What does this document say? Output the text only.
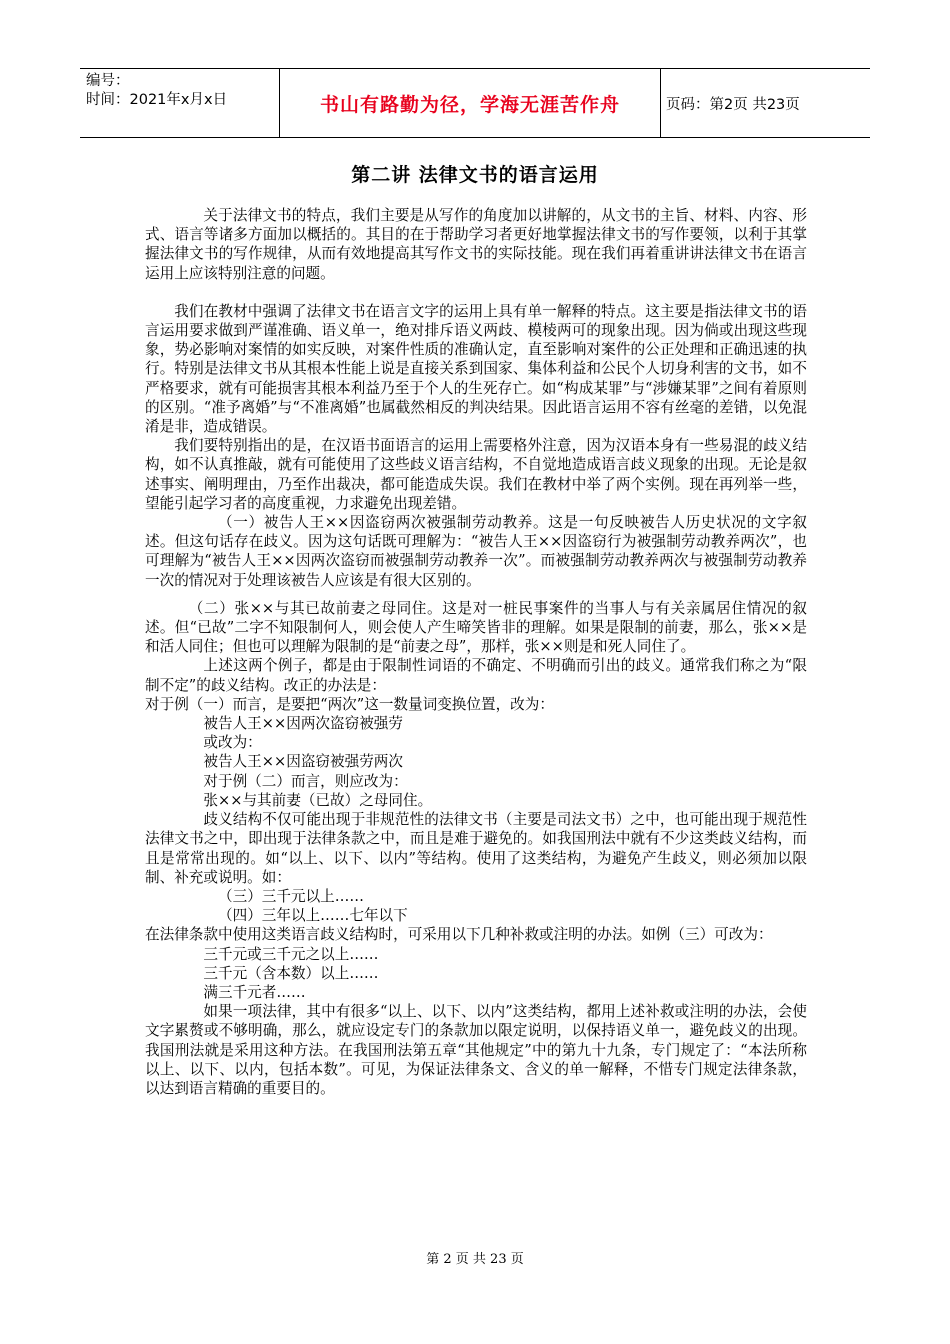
编号：
时间：2021年x月x日	书山有路勤为径，学海无涯苦作舟	页码：第2页 共23页
第二讲 法律文书的语言运用

关于法律文书的特点，我们主要是从写作的角度加以讲解的，从文书的主旨、材料、内容、形式、语言等诸多方面加以概括的。其目的在于帮助学习者更好地掌握法律文书的写作要领，以利于其掌握法律文书的写作规律，从而有效地提高其写作文书的实际技能。现在我们再着重讲讲法律文书在语言运用上应该特别注意的问题。

我们在教材中强调了法律文书在语言文字的运用上具有单一解释的特点。这主要是指法律文书的语言运用要求做到严谨准确、语义单一，绝对排斥语义两歧、模棱两可的现象出现。因为倘或出现这些现象，势必影响对案情的如实反映，对案件性质的准确认定，直至影响对案件的公正处理和正确迅速的执行。特别是法律文书从其根本性能上说是直接关系到国家、集体利益和公民个人切身利害的文书，如不严格要求，就有可能损害其根本利益乃至于个人的生死存亡。如“构成某罪”与“涉嫌某罪”之间有着原则的区别。“准予离婚”与“不准离婚”也属截然相反的判决结果。因此语言运用不容有丝毫的差错，以免混淆是非，造成错误。

我们要特别指出的是，在汉语书面语言的运用上需要格外注意，因为汉语本身有一些易混的歧义结构，如不认真推敲，就有可能使用了这些歧义语言结构，不自觉地造成语言歧义现象的出现。无论是叙述事实、阐明理由，乃至作出裁决，都可能造成失误。我们在教材中举了两个实例。现在再列举一些，望能引起学习者的高度重视，力求避免出现差错。

（一）被告人王××因盗窃两次被强制劳动教养。这是一句反映被告人历史状况的文字叙述。但这句话存在歧义。因为这句话既可理解为：“被告人王××因盗窃行为被强制劳动教养两次”，也可理解为“被告人王××因两次盗窃而被强制劳动教养一次”。而被强制劳动教养两次与被强制劳动教养一次的情况对于处理该被告人应该是有很大区别的。

（二）张××与其已故前妻之母同住。这是对一桩民事案件的当事人与有关亲属居住情况的叙述。但“已故”二字不知限制何人，则会使人产生啼笑皆非的理解。如果是限制的前妻，那么，张××是和活人同住；但也可以理解为限制的是“前妻之母”，那样，张××则是和死人同住了。

上述这两个例子，都是由于限制性词语的不确定、不明确而引出的歧义。通常我们称之为“限制不定”的歧义结构。改正的办法是：

对于例（一）而言，是要把“两次”这一数量词变换位置，改为：

被告人王××因两次盗窃被强劳

或改为：

被告人王××因盗窃被强劳两次

对于例（二）而言，则应改为：

张××与其前妻（已故）之母同住。

歧义结构不仅可能出现于非规范性的法律文书（主要是司法文书）之中，也可能出现于规范性法律文书之中，即出现于法律条款之中，而且是难于避免的。如我国刑法中就有不少这类歧义结构，而且是常常出现的。如“以上、以下、以内”等结构。使用了这类结构，为避免产生歧义，则必须加以限制、补充或说明。如：

（三）三千元以上……

（四）三年以上……七年以下

在法律条款中使用这类语言歧义结构时，可采用以下几种补救或注明的办法。如例（三）可改为：

三千元或三千元之以上……

三千元（含本数）以上……

满三千元者……

如果一项法律，其中有很多“以上、以下、以内”这类结构，都用上述补救或注明的办法，会使文字累赘或不够明确，那么，就应设定专门的条款加以限定说明，以保持语义单一，避免歧义的出现。我国刑法就是采用这种方法。在我国刑法第五章“其他规定”中的第九十九条，专门规定了：“本法所称以上、以下、以内，包括本数”。可见，为保证法律条文、含义的单一解释，不惜专门规定法律条款，以达到语言精确的重要目的。

第 2 页 共 23 页
